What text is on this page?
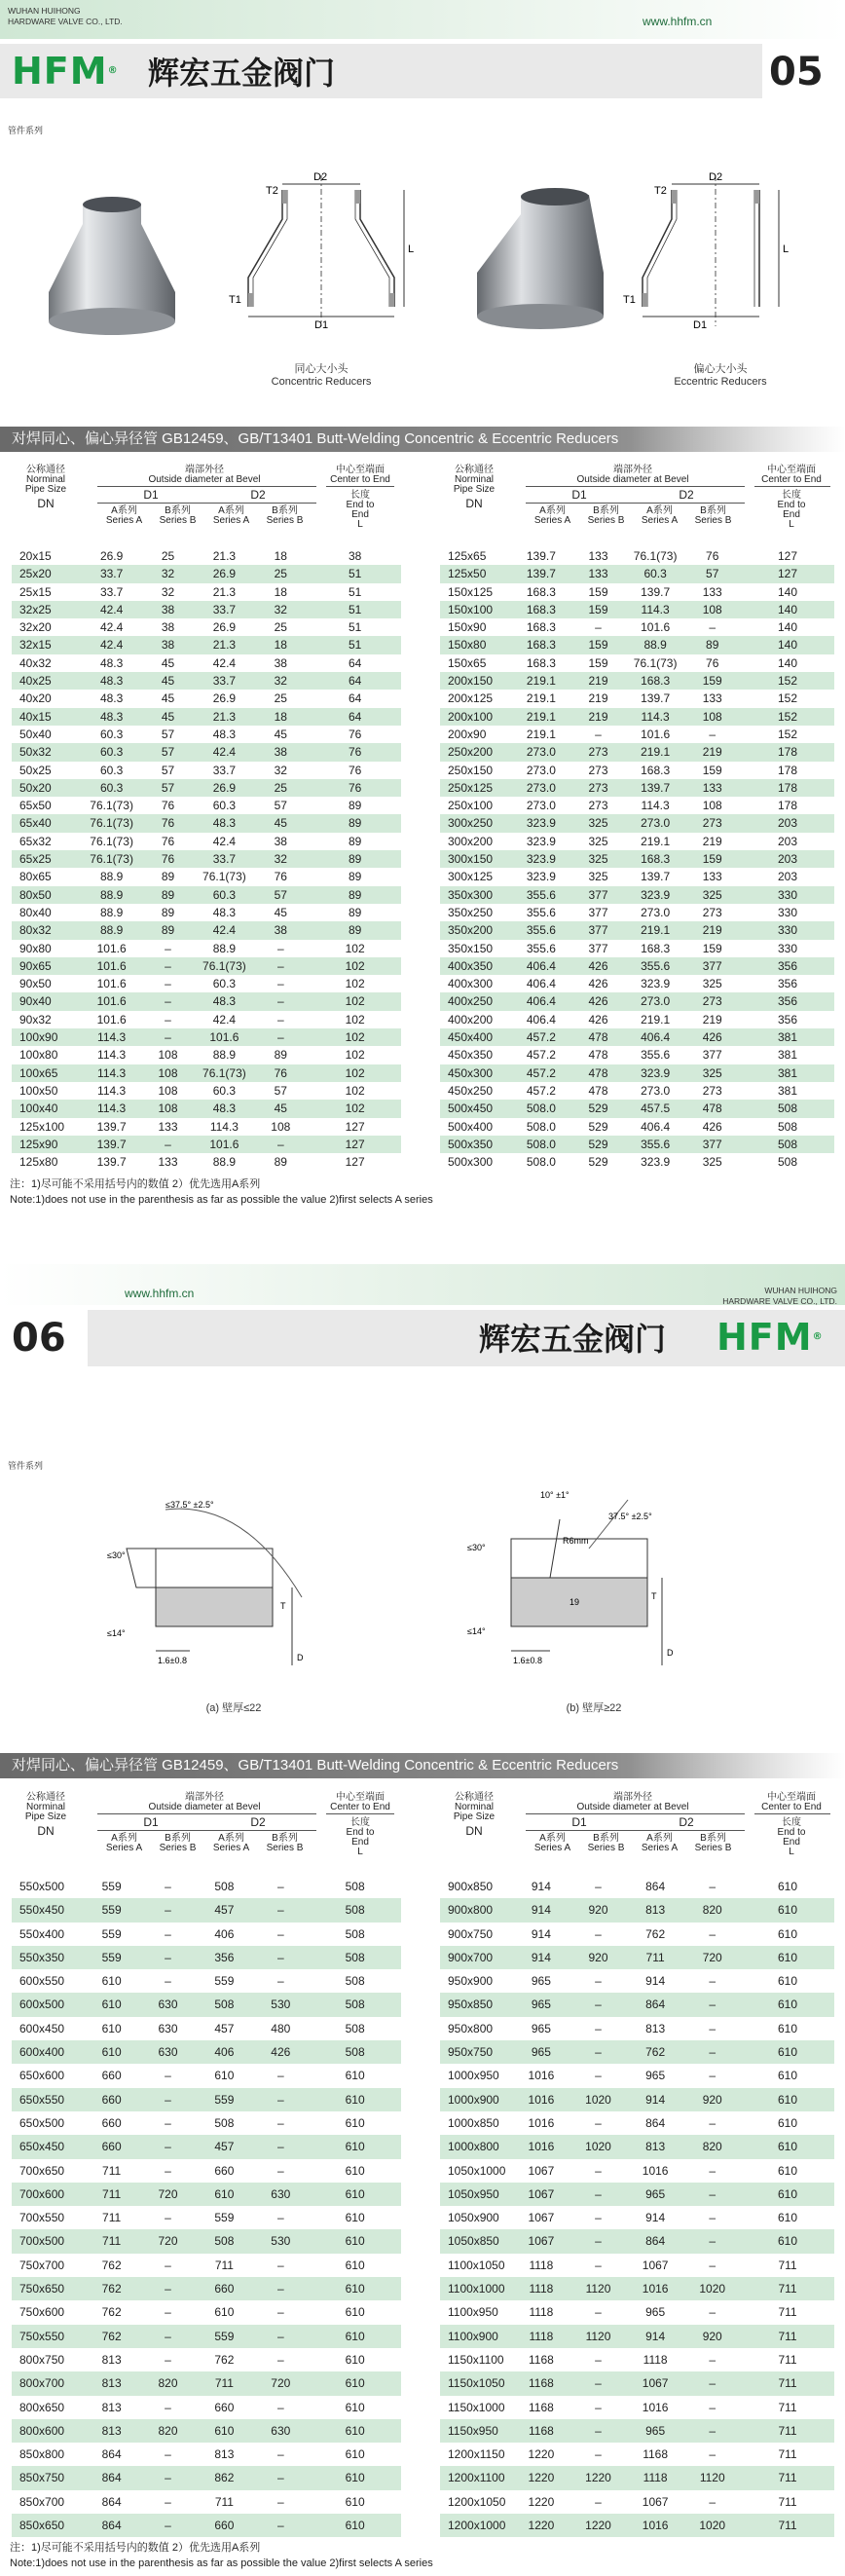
WUHAN HUIHONG
HARDWARE VALVE CO., LTD.	www.hhfm.cn
HFM® 辉宏五金阀门	05
管件系列
D2
D1
T2
T1
L
同心大小头
Concentric Reducers
D2
D1
T2
T1
L
偏心大小头
Eccentric Reducers
对焊同心、偏心异径管 GB12459、GB/T13401 Butt-Welding Concentric & Eccentric Reducers
公称通径
Norminal
Pipe Size
DN
端部外径
Outside diameter at Bevel
D1	D2
A系列
Series A
B系列
Series B
A系列
Series A
B系列
Series B
中心至端面
Center to End
长度
End to
End
L
公称通径
Norminal
Pipe Size
DN
端部外径
Outside diameter at Bevel
D1	D2
A系列
Series A
B系列
Series B
A系列
Series A
B系列
Series B
中心至端面
Center to End
长度
End to
End
L
20x15	26.9	25	21.3	18	38
25x20	33.7	32	26.9	25	51
25x15	33.7	32	21.3	18	51
32x25	42.4	38	33.7	32	51
32x20	42.4	38	26.9	25	51
32x15	42.4	38	21.3	18	51
40x32	48.3	45	42.4	38	64
40x25	48.3	45	33.7	32	64
40x20	48.3	45	26.9	25	64
40x15	48.3	45	21.3	18	64
50x40	60.3	57	48.3	45	76
50x32	60.3	57	42.4	38	76
50x25	60.3	57	33.7	32	76
50x20	60.3	57	26.9	25	76
65x50	76.1(73)	76	60.3	57	89
65x40	76.1(73)	76	48.3	45	89
65x32	76.1(73)	76	42.4	38	89
65x25	76.1(73)	76	33.7	32	89
80x65	88.9	89	76.1(73)	76	89
80x50	88.9	89	60.3	57	89
80x40	88.9	89	48.3	45	89
80x32	88.9	89	42.4	38	89
90x80	101.6	–	88.9	–	102
90x65	101.6	–	76.1(73)	–	102
90x50	101.6	–	60.3	–	102
90x40	101.6	–	48.3	–	102
90x32	101.6	–	42.4	–	102
100x90	114.3	–	101.6	–	102
100x80	114.3	108	88.9	89	102
100x65	114.3	108	76.1(73)	76	102
100x50	114.3	108	60.3	57	102
100x40	114.3	108	48.3	45	102
125x100	139.7	133	114.3	108	127
125x90	139.7	–	101.6	–	127
125x80	139.7	133	88.9	89	127
125x65	139.7	133	76.1(73)	76	127
125x50	139.7	133	60.3	57	127
150x125	168.3	159	139.7	133	140
150x100	168.3	159	114.3	108	140
150x90	168.3	–	101.6	–	140
150x80	168.3	159	88.9	89	140
150x65	168.3	159	76.1(73)	76	140
200x150	219.1	219	168.3	159	152
200x125	219.1	219	139.7	133	152
200x100	219.1	219	114.3	108	152
200x90	219.1	–	101.6	–	152
250x200	273.0	273	219.1	219	178
250x150	273.0	273	168.3	159	178
250x125	273.0	273	139.7	133	178
250x100	273.0	273	114.3	108	178
300x250	323.9	325	273.0	273	203
300x200	323.9	325	219.1	219	203
300x150	323.9	325	168.3	159	203
300x125	323.9	325	139.7	133	203
350x300	355.6	377	323.9	325	330
350x250	355.6	377	273.0	273	330
350x200	355.6	377	219.1	219	330
350x150	355.6	377	168.3	159	330
400x350	406.4	426	355.6	377	356
400x300	406.4	426	323.9	325	356
400x250	406.4	426	273.0	273	356
400x200	406.4	426	219.1	219	356
450x400	457.2	478	406.4	426	381
450x350	457.2	478	355.6	377	381
450x300	457.2	478	323.9	325	381
450x250	457.2	478	273.0	273	381
500x450	508.0	529	457.5	478	508
500x400	508.0	529	406.4	426	508
500x350	508.0	529	355.6	377	508
500x300	508.0	529	323.9	325	508
注：1)尽可能不采用括号内的数值 2）优先选用A系列
Note:1)does not use in the parenthesis as far as possible the value 2)first selects A series
www.hhfm.cn	WUHAN HUIHONG
HARDWARE VALVE CO., LTD.
06	辉宏五金阀门 HFM®
管件系列
≤37.5° ±2.5°
≤30°
≤14°
1.6±0.8
T
D
(a) 壁厚≤22
10° ±1°
37.5° ±2.5°
R6mm
≤30°
≤14°
1.6±0.8
19
T
D
(b) 壁厚≥22
对焊同心、偏心异径管 GB12459、GB/T13401 Butt-Welding Concentric & Eccentric Reducers
公称通径
Norminal
Pipe Size
DN
端部外径
Outside diameter at Bevel
D1	D2
A系列
Series A
B系列
Series B
A系列
Series A
B系列
Series B
中心至端面
Center to End
长度
End to
End
L
公称通径
Norminal
Pipe Size
DN
端部外径
Outside diameter at Bevel
D1	D2
A系列
Series A
B系列
Series B
A系列
Series A
B系列
Series B
中心至端面
Center to End
长度
End to
End
L
550x500	559	–	508	–	508
550x450	559	–	457	–	508
550x400	559	–	406	–	508
550x350	559	–	356	–	508
600x550	610	–	559	–	508
600x500	610	630	508	530	508
600x450	610	630	457	480	508
600x400	610	630	406	426	508
650x600	660	–	610	–	610
650x550	660	–	559	–	610
650x500	660	–	508	–	610
650x450	660	–	457	–	610
700x650	711	–	660	–	610
700x600	711	720	610	630	610
700x550	711	–	559	–	610
700x500	711	720	508	530	610
750x700	762	–	711	–	610
750x650	762	–	660	–	610
750x600	762	–	610	–	610
750x550	762	–	559	–	610
800x750	813	–	762	–	610
800x700	813	820	711	720	610
800x650	813	–	660	–	610
800x600	813	820	610	630	610
850x800	864	–	813	–	610
850x750	864	–	862	–	610
850x700	864	–	711	–	610
850x650	864	–	660	–	610
900x850	914	–	864	–	610
900x800	914	920	813	820	610
900x750	914	–	762	–	610
900x700	914	920	711	720	610
950x900	965	–	914	–	610
950x850	965	–	864	–	610
950x800	965	–	813	–	610
950x750	965	–	762	–	610
1000x950	1016	–	965	–	610
1000x900	1016	1020	914	920	610
1000x850	1016	–	864	–	610
1000x800	1016	1020	813	820	610
1050x1000	1067	–	1016	–	610
1050x950	1067	–	965	–	610
1050x900	1067	–	914	–	610
1050x850	1067	–	864	–	610
1100x1050	1118	–	1067	–	711
1100x1000	1118	1120	1016	1020	711
1100x950	1118	–	965	–	711
1100x900	1118	1120	914	920	711
1150x1100	1168	–	1118	–	711
1150x1050	1168	–	1067	–	711
1150x1000	1168	–	1016	–	711
1150x950	1168	–	965	–	711
1200x1150	1220	–	1168	–	711
1200x1100	1220	1220	1118	1120	711
1200x1050	1220	–	1067	–	711
1200x1000	1220	1220	1016	1020	711
注：1)尽可能不采用括号内的数值 2）优先选用A系列
Note:1)does not use in the parenthesis as far as possible the value 2)first selects A series
